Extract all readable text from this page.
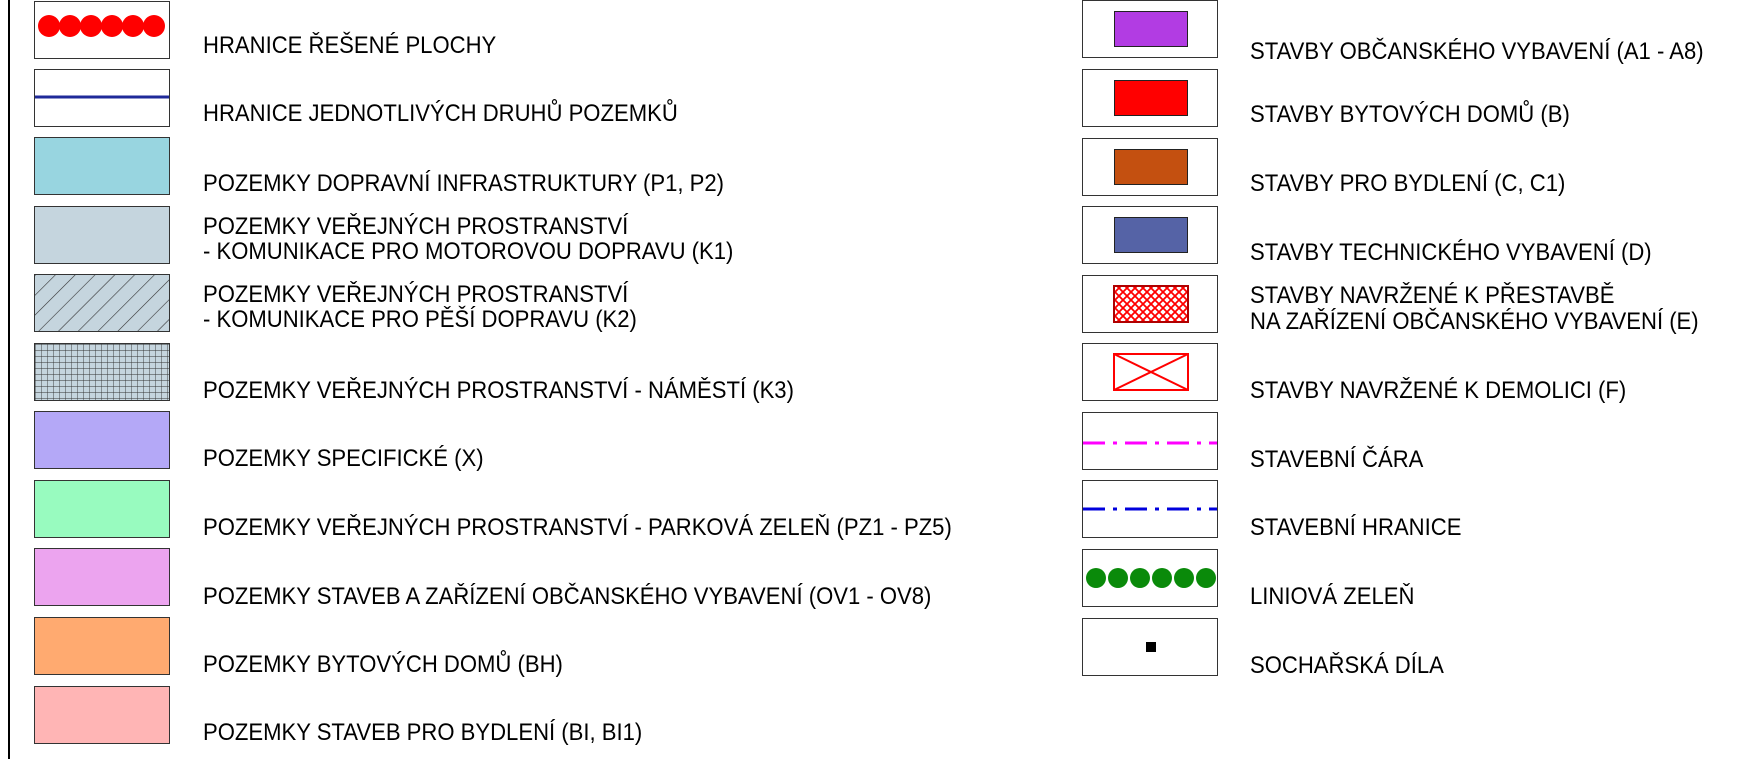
HRANICE ŘEŠENÉ PLOCHY
HRANICE JEDNOTLIVÝCH DRUHŮ POZEMKŮ
POZEMKY DOPRAVNÍ INFRASTRUKTURY (P1, P2)
POZEMKY VEŘEJNÝCH PROSTRANSTVÍ
- KOMUNIKACE PRO MOTOROVOU DOPRAVU (K1)
POZEMKY VEŘEJNÝCH PROSTRANSTVÍ
- KOMUNIKACE PRO PĚŠÍ DOPRAVU (K2)
POZEMKY VEŘEJNÝCH PROSTRANSTVÍ - NÁMĚSTÍ (K3)
POZEMKY SPECIFICKÉ (X)
POZEMKY VEŘEJNÝCH PROSTRANSTVÍ - PARKOVÁ ZELEŇ (PZ1 - PZ5)
POZEMKY STAVEB A ZAŘÍZENÍ OBČANSKÉHO VYBAVENÍ (OV1 - OV8)
POZEMKY BYTOVÝCH DOMŮ (BH)
POZEMKY STAVEB PRO BYDLENÍ (BI, BI1)
STAVBY OBČANSKÉHO VYBAVENÍ (A1 - A8)
STAVBY BYTOVÝCH DOMŮ (B)
STAVBY PRO BYDLENÍ (C, C1)
STAVBY TECHNICKÉHO VYBAVENÍ (D)
STAVBY NAVRŽENÉ K PŘESTAVBĚ
NA ZAŘÍZENÍ OBČANSKÉHO VYBAVENÍ (E)
STAVBY NAVRŽENÉ K DEMOLICI (F)
STAVEBNÍ ČÁRA
STAVEBNÍ HRANICE
LINIOVÁ ZELEŇ
SOCHAŘSKÁ DÍLA
